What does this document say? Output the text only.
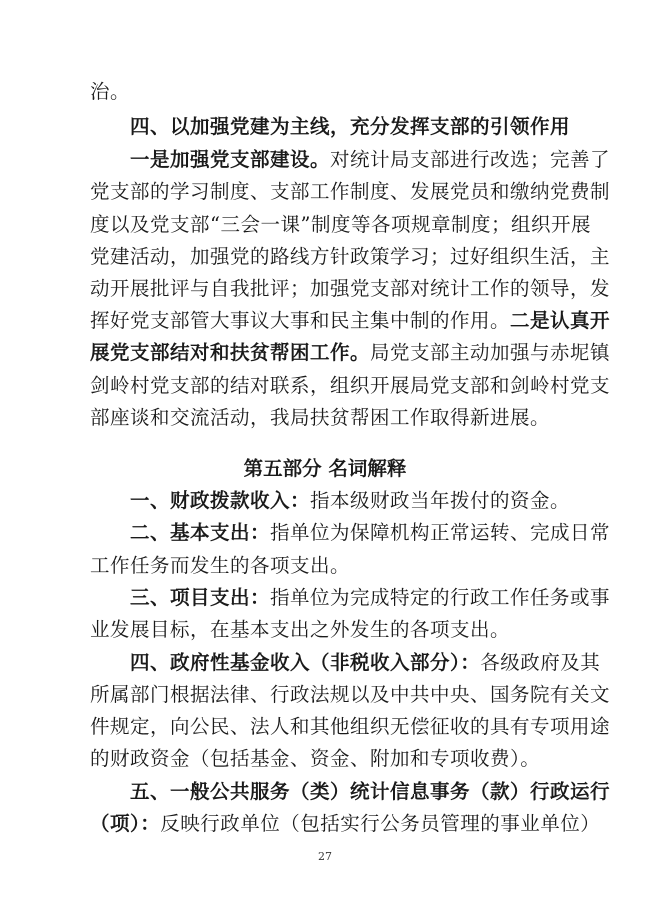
治。
四、以加强党建为主线，充分发挥支部的引领作用
一是加强党支部建设。对统计局支部进行改选；完善了
党支部的学习制度、支部工作制度、发展党员和缴纳党费制
度以及党支部“三会一课”制度等各项规章制度；组织开展
党建活动，加强党的路线方针政策学习；过好组织生活，主
动开展批评与自我批评；加强党支部对统计工作的领导，发
挥好党支部管大事议大事和民主集中制的作用。二是认真开
展党支部结对和扶贫帮困工作。局党支部主动加强与赤坭镇
剑岭村党支部的结对联系，组织开展局党支部和剑岭村党支
部座谈和交流活动，我局扶贫帮困工作取得新进展。
第五部分 名词解释
一、财政拨款收入：指本级财政当年拨付的资金。
二、基本支出：指单位为保障机构正常运转、完成日常
工作任务而发生的各项支出。
三、项目支出：指单位为完成特定的行政工作任务或事
业发展目标，在基本支出之外发生的各项支出。
四、政府性基金收入（非税收入部分）：各级政府及其
所属部门根据法律、行政法规以及中共中央、国务院有关文
件规定，向公民、法人和其他组织无偿征收的具有专项用途
的财政资金（包括基金、资金、附加和专项收费）。
五、一般公共服务（类）统计信息事务（款）行政运行
（项）：反映行政单位（包括实行公务员管理的事业单位）
27
